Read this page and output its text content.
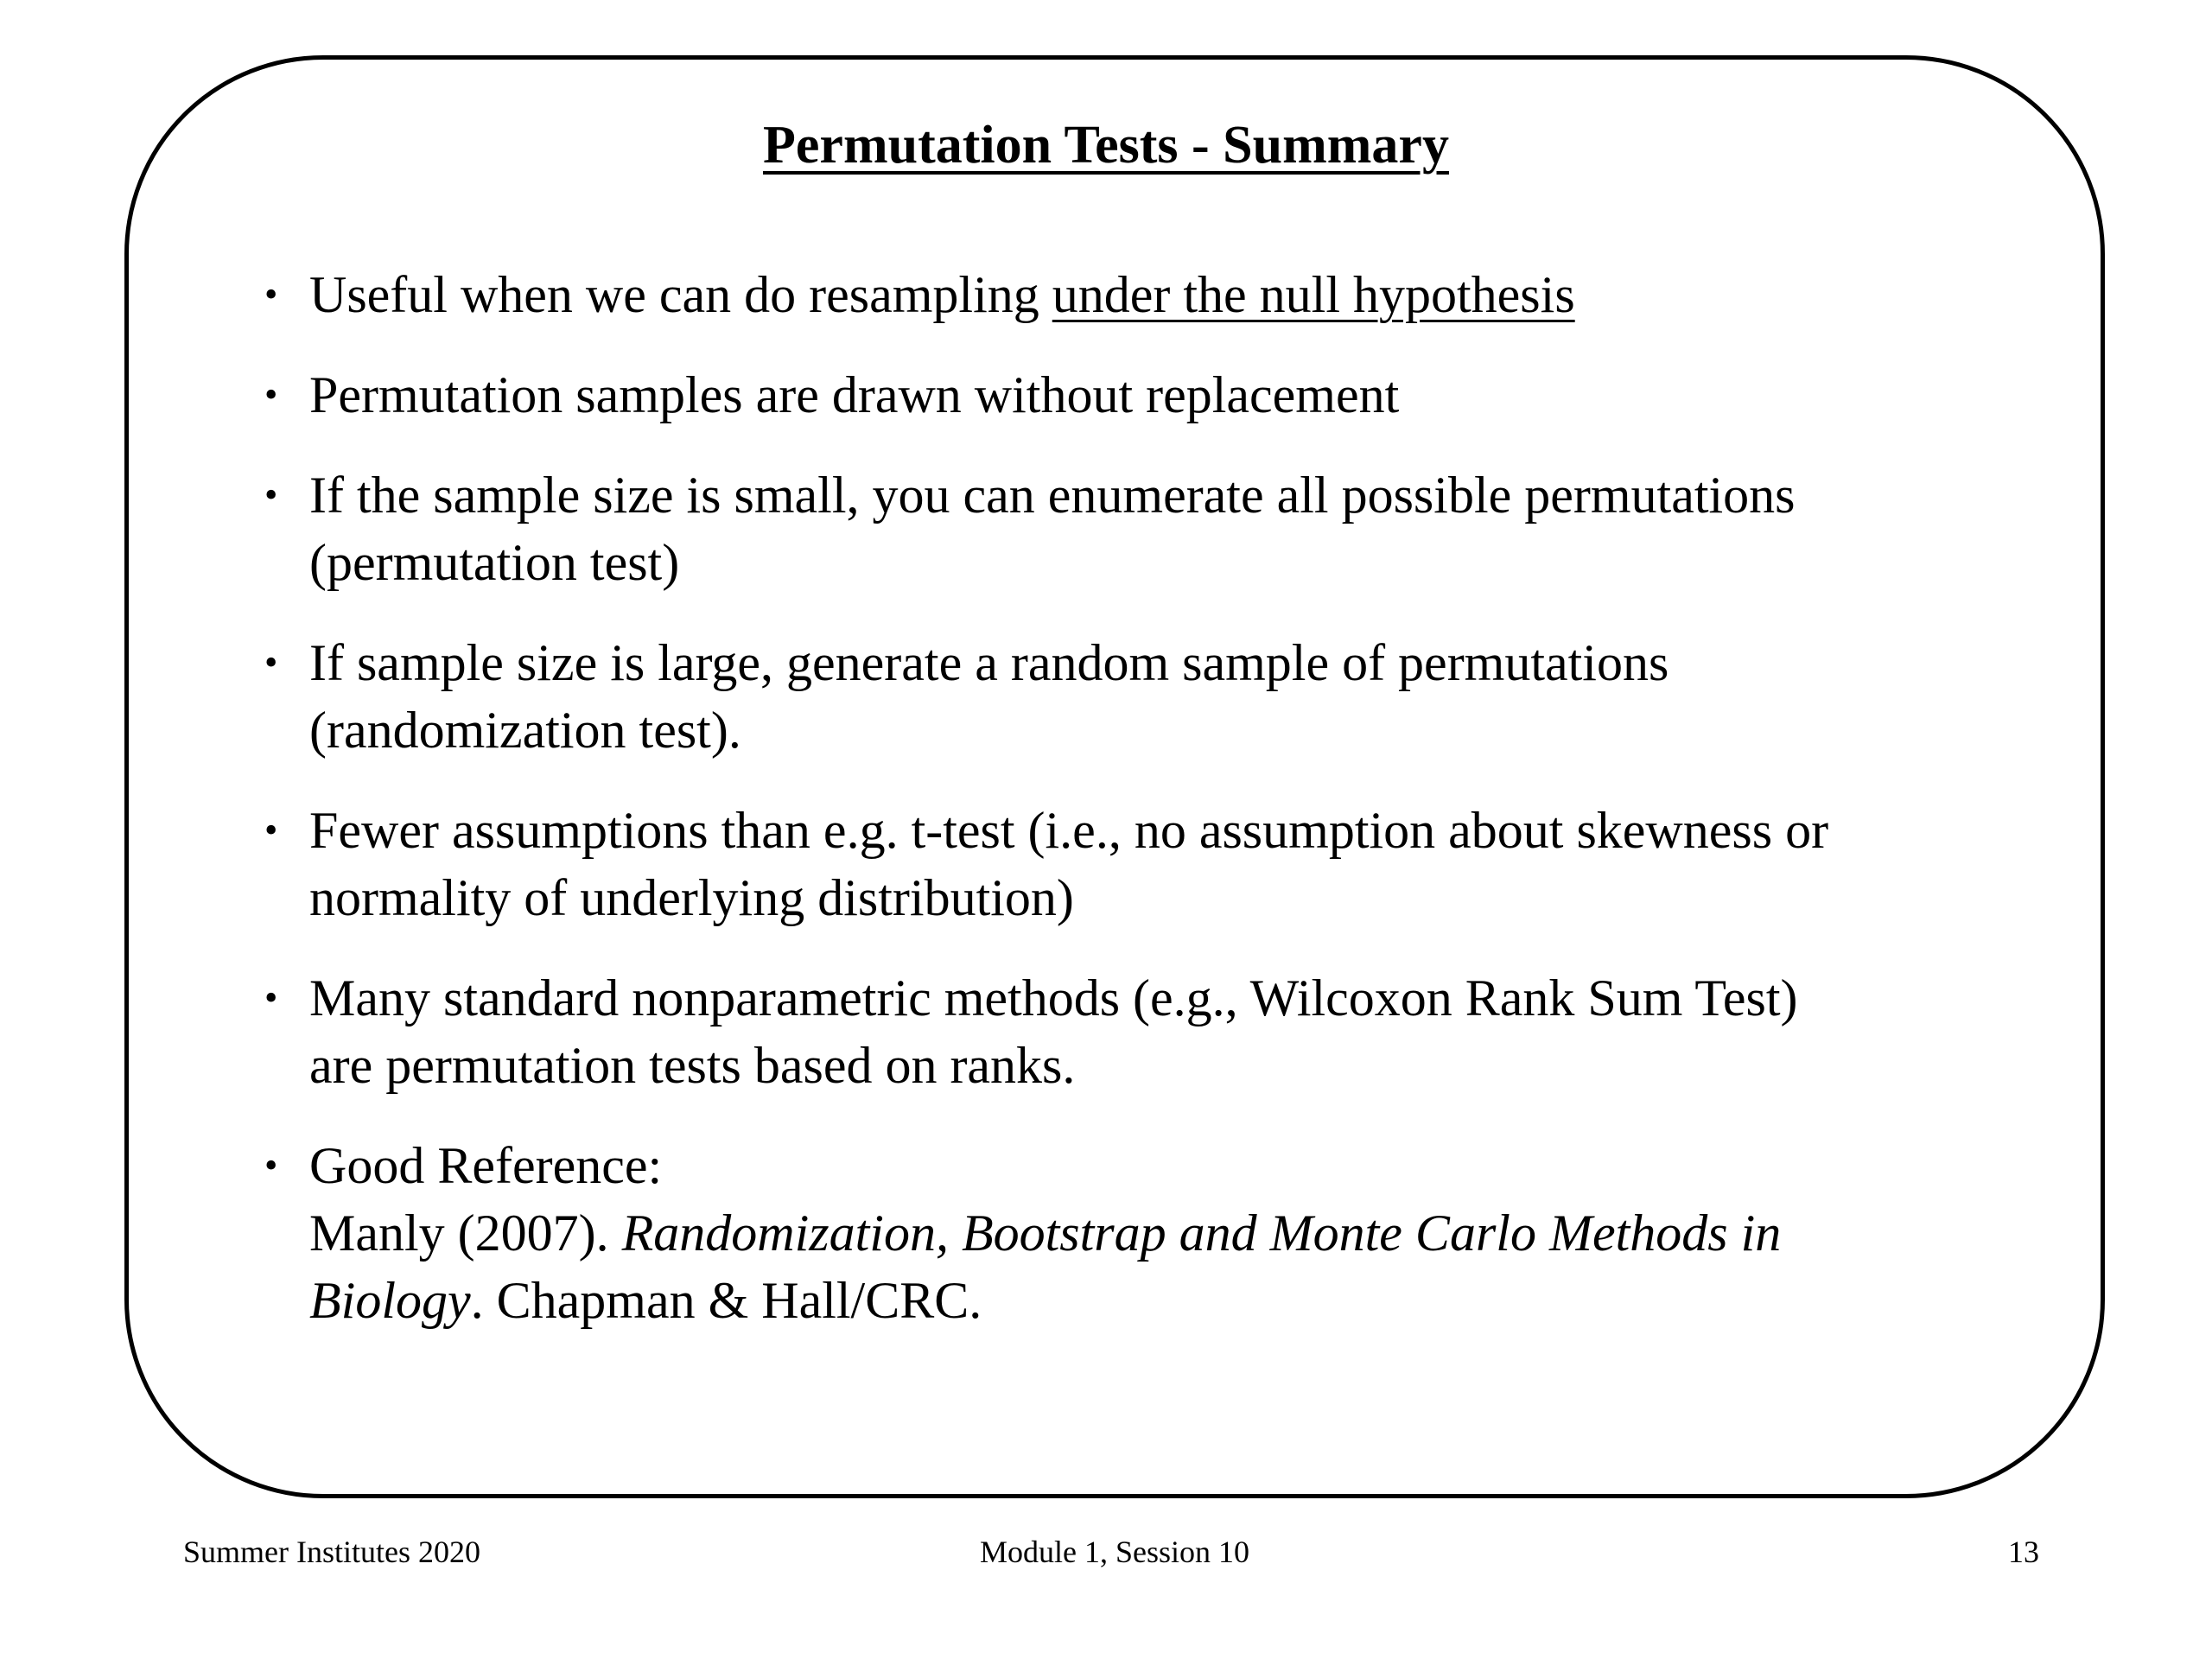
Permutation Tests - Summary
• Useful when we can do resampling under the null hypothesis
• Permutation samples are drawn without replacement
• If the sample size is small, you can enumerate all possible permutations
(permutation test)
• If sample size is large, generate a random sample of permutations
(randomization test).
• Fewer assumptions than e.g. t-test (i.e., no assumption about skewness or
normality of underlying distribution)
• Many standard nonparametric methods (e.g., Wilcoxon Rank Sum Test)
are permutation tests based on ranks.
• Good Reference:
Manly (2007). Randomization, Bootstrap and Monte Carlo Methods in
Biology. Chapman & Hall/CRC.
Summer Institutes 2020	Module 1, Session 10	13
